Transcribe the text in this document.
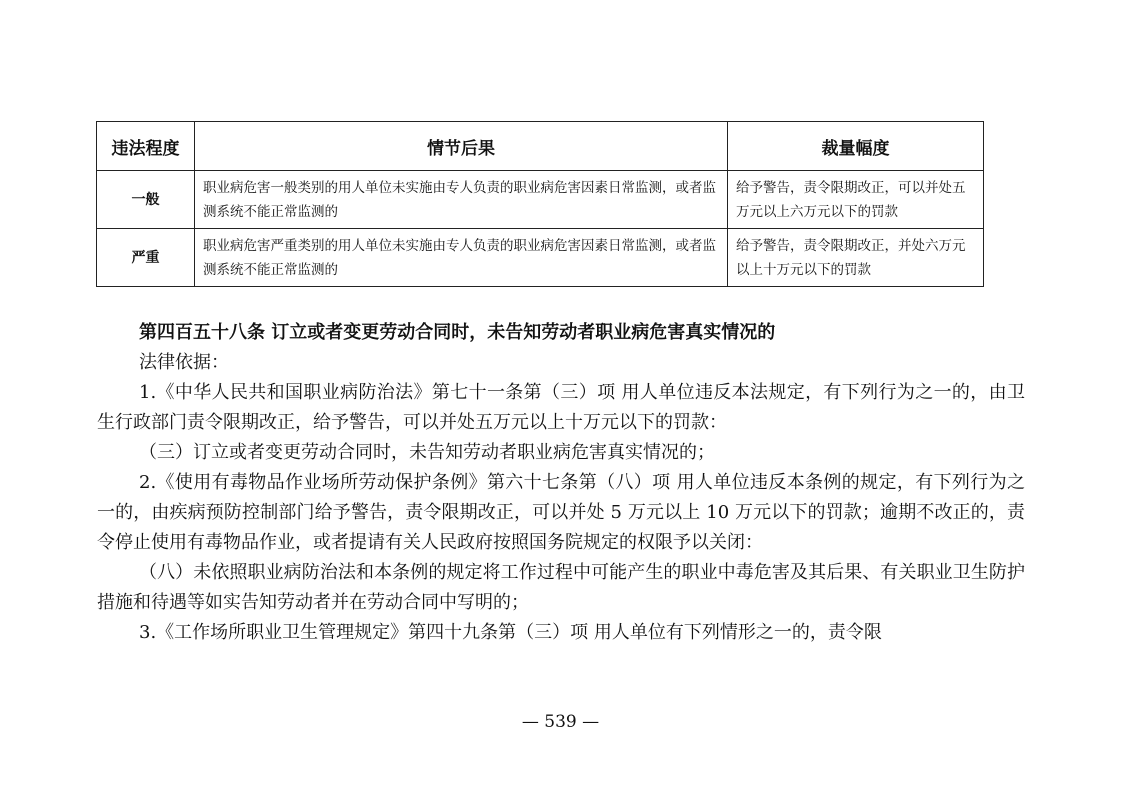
违法程度	情节后果	裁量幅度
一般	职业病危害一般类别的用人单位未实施由专人负责的职业病危害因素日常监测，或者监测系统不能正常监测的	给予警告，责令限期改正，可以并处五万元以上六万元以下的罚款
严重	职业病危害严重类别的用人单位未实施由专人负责的职业病危害因素日常监测，或者监测系统不能正常监测的	给予警告，责令限期改正，并处六万元以上十万元以下的罚款

第四百五十八条 订立或者变更劳动合同时，未告知劳动者职业病危害真实情况的

法律依据：

1.《中华人民共和国职业病防治法》第七十一条第（三）项 用人单位违反本法规定，有下列行为之一的，由卫生行政部门责令限期改正，给予警告，可以并处五万元以上十万元以下的罚款：

（三）订立或者变更劳动合同时，未告知劳动者职业病危害真实情况的；

2.《使用有毒物品作业场所劳动保护条例》第六十七条第（八）项 用人单位违反本条例的规定，有下列行为之一的，由疾病预防控制部门给予警告，责令限期改正，可以并处 5 万元以上 10 万元以下的罚款；逾期不改正的，责令停止使用有毒物品作业，或者提请有关人民政府按照国务院规定的权限予以关闭：

（八）未依照职业病防治法和本条例的规定将工作过程中可能产生的职业中毒危害及其后果、有关职业卫生防护措施和待遇等如实告知劳动者并在劳动合同中写明的；

3.《工作场所职业卫生管理规定》第四十九条第（三）项 用人单位有下列情形之一的，责令限

— 539 —
